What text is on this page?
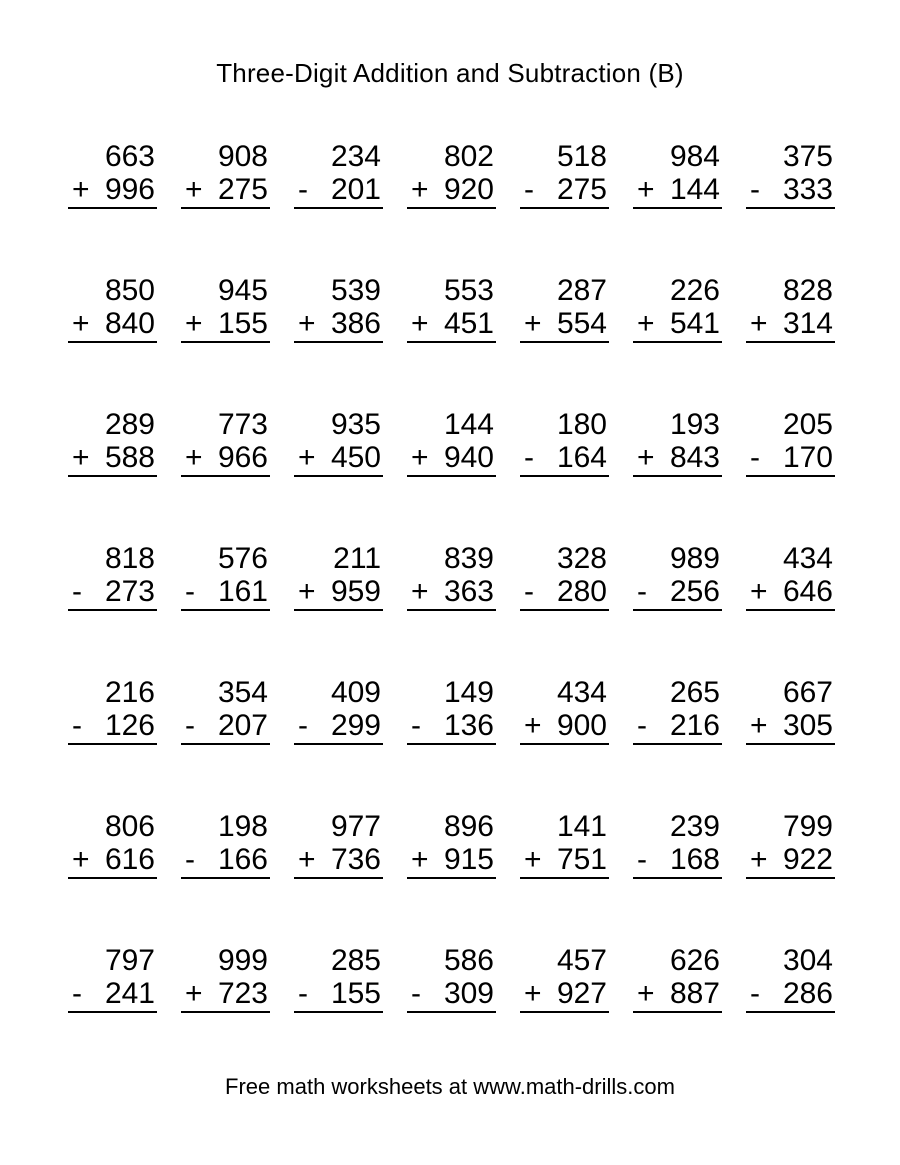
Three-Digit Addition and Subtraction (B)
663
+ 996
908
+ 275
234
- 201
802
+ 920
518
- 275
984
+ 144
375
- 333
850
+ 840
945
+ 155
539
+ 386
553
+ 451
287
+ 554
226
+ 541
828
+ 314
289
+ 588
773
+ 966
935
+ 450
144
+ 940
180
- 164
193
+ 843
205
- 170
818
- 273
576
- 161
211
+ 959
839
+ 363
328
- 280
989
- 256
434
+ 646
216
- 126
354
- 207
409
- 299
149
- 136
434
+ 900
265
- 216
667
+ 305
806
+ 616
198
- 166
977
+ 736
896
+ 915
141
+ 751
239
- 168
799
+ 922
797
- 241
999
+ 723
285
- 155
586
- 309
457
+ 927
626
+ 887
304
- 286
Free math worksheets at www.math-drills.com
